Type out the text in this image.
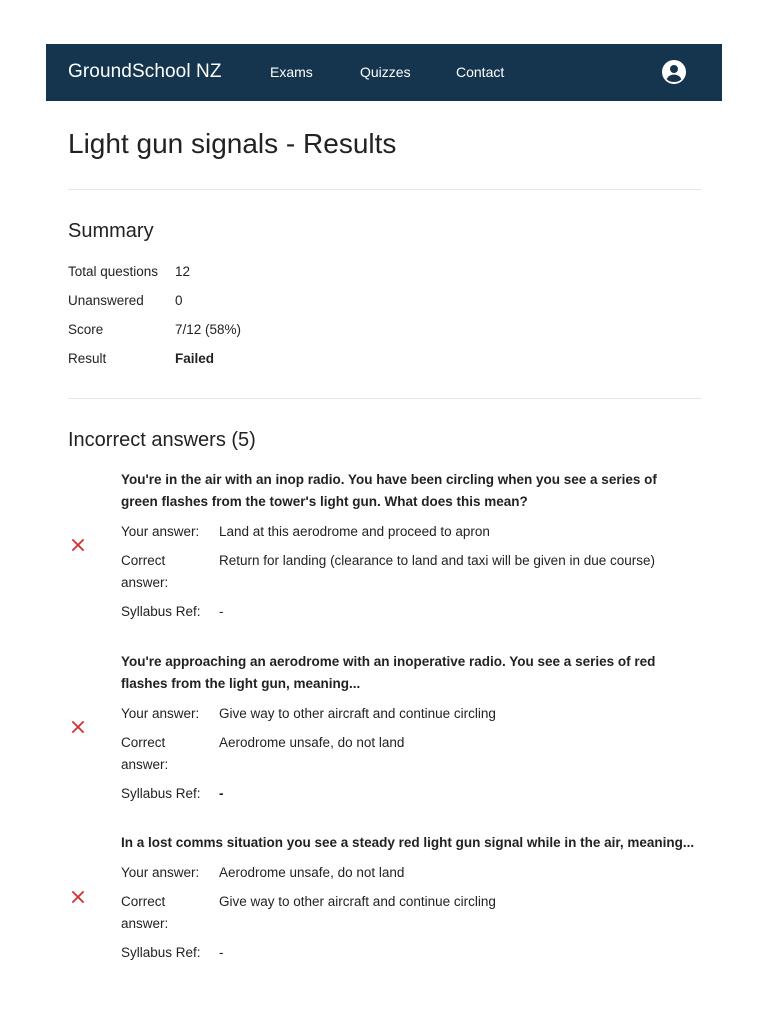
GroundSchool NZ	Exams	Quizzes	Contact
Light gun signals - Results
Summary
Total questions 12
Unanswered 0
Score	7/12 (58%)
Result	Failed
Incorrect answers (5)
You're in the air with an inop radio. You have been circling when you see a series of green flashes from the tower's light gun. What does this mean?
Your answer:	Land at this aerodrome and proceed to apron
Correct answer:
Return for landing (clearance to land and taxi will be given in due course)
Syllabus Ref:	-
You're approaching an aerodrome with an inoperative radio. You see a series of red flashes from the light gun, meaning...
Your answer:	Give way to other aircraft and continue circling
Correct answer:
Aerodrome unsafe, do not land
Syllabus Ref:	-
In a lost comms situation you see a steady red light gun signal while in the air, meaning...
Your answer:	Aerodrome unsafe, do not land
Correct answer:
Give way to other aircraft and continue circling
Syllabus Ref:	-
